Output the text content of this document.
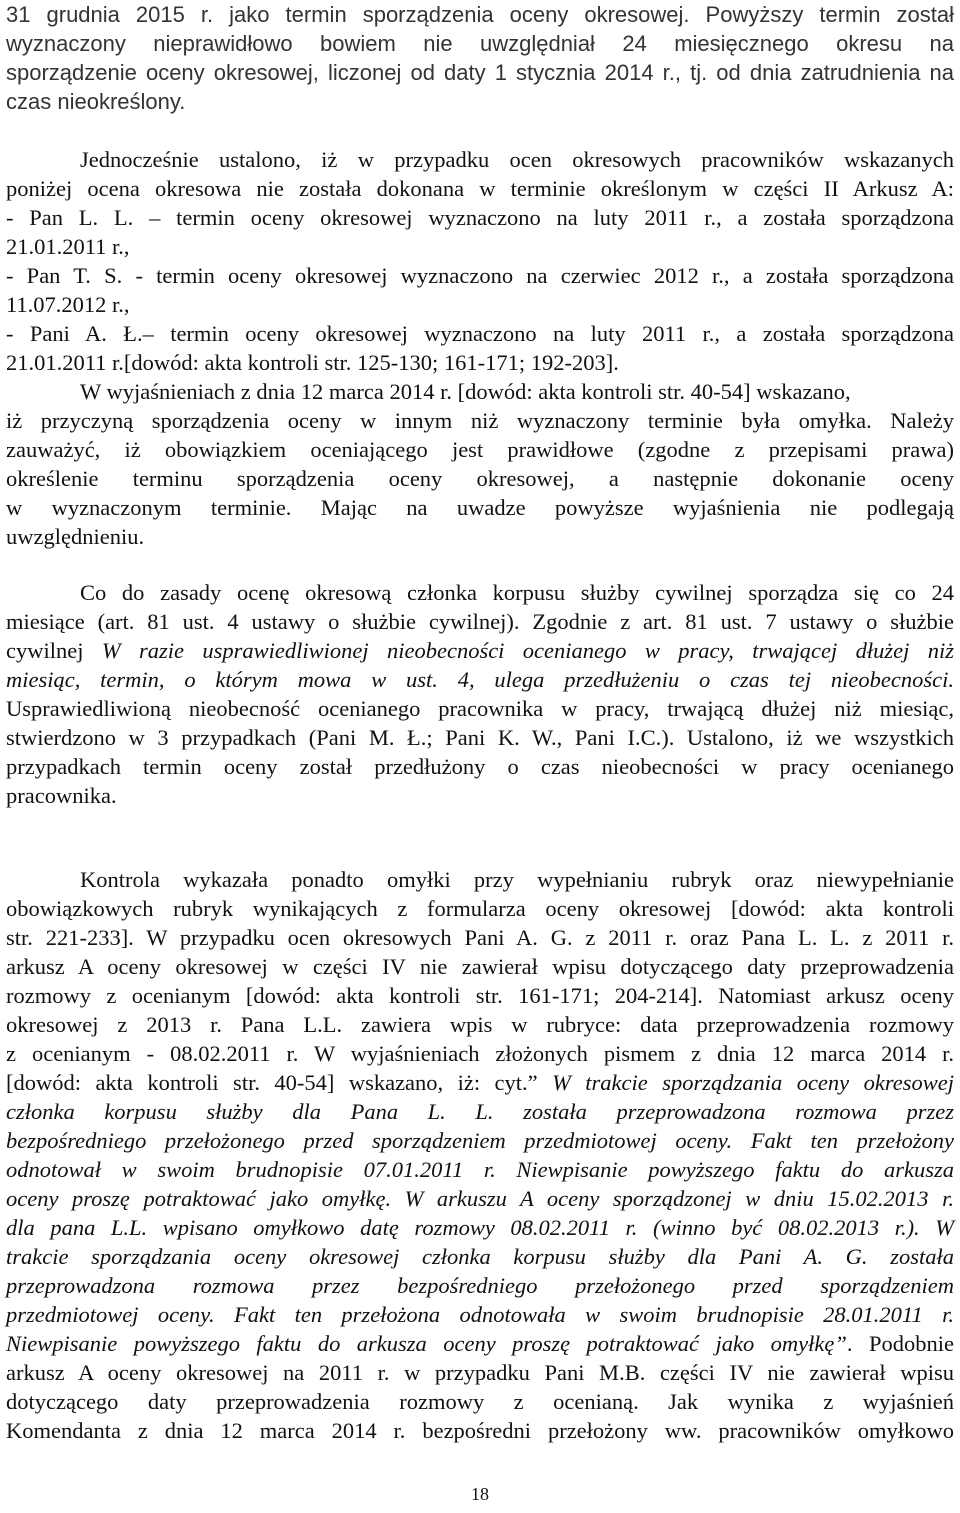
31 grudnia 2015 r. jako termin sporządzenia oceny okresowej. Powyższy termin został
wyznaczony nieprawidłowo bowiem nie uwzględniał 24 miesięcznego okresu na
sporządzenie oceny okresowej, liczonej od daty 1 stycznia 2014 r., tj. od dnia zatrudnienia na
czas nieokreślony.
Jednocześnie ustalono, iż w przypadku ocen okresowych pracowników wskazanych
poniżej ocena okresowa nie została dokonana w terminie określonym w części II Arkusz A:
- Pan L. L. – termin oceny okresowej wyznaczono na luty 2011 r., a została sporządzona
21.01.2011 r.,
- Pan T. S. - termin oceny okresowej wyznaczono na czerwiec 2012 r., a została sporządzona
11.07.2012 r.,
- Pani A. Ł.– termin oceny okresowej wyznaczono na luty 2011 r., a została sporządzona
21.01.2011 r.[dowód: akta kontroli str. 125-130; 161-171; 192-203].
W wyjaśnieniach z dnia 12 marca 2014 r. [dowód: akta kontroli str. 40-54] wskazano,
iż przyczyną sporządzenia oceny w innym niż wyznaczony terminie była omyłka. Należy
zauważyć, iż obowiązkiem oceniającego jest prawidłowe (zgodne z przepisami prawa)
określenie terminu sporządzenia oceny okresowej, a następnie dokonanie oceny
w wyznaczonym terminie. Mając na uwadze powyższe wyjaśnienia nie podlegają
uwzględnieniu.
Co do zasady ocenę okresową członka korpusu służby cywilnej sporządza się co 24
miesiące (art. 81 ust. 4 ustawy o służbie cywilnej). Zgodnie z art. 81 ust. 7 ustawy o służbie
cywilnej W razie usprawiedliwionej nieobecności ocenianego w pracy, trwającej dłużej niż
miesiąc, termin, o którym mowa w ust. 4, ulega przedłużeniu o czas tej nieobecności.
Usprawiedliwioną nieobecność ocenianego pracownika w pracy, trwającą dłużej niż miesiąc,
stwierdzono w 3 przypadkach (Pani M. Ł.; Pani K. W., Pani I.C.). Ustalono, iż we wszystkich
przypadkach termin oceny został przedłużony o czas nieobecności w pracy ocenianego
pracownika.
Kontrola wykazała ponadto omyłki przy wypełnianiu rubryk oraz niewypełnianie
obowiązkowych rubryk wynikających z formularza oceny okresowej [dowód: akta kontroli
str. 221-233]. W przypadku ocen okresowych Pani A. G. z 2011 r. oraz Pana L. L. z 2011 r.
arkusz A oceny okresowej w części IV nie zawierał wpisu dotyczącego daty przeprowadzenia
rozmowy z ocenianym [dowód: akta kontroli str. 161-171; 204-214]. Natomiast arkusz oceny
okresowej z 2013 r. Pana L.L. zawiera wpis w rubryce: data przeprowadzenia rozmowy
z ocenianym - 08.02.2011 r. W wyjaśnieniach złożonych pismem z dnia 12 marca 2014 r.
[dowód: akta kontroli str. 40-54] wskazano, iż: cyt.” W trakcie sporządzania oceny okresowej
członka korpusu służby dla Pana L. L. została przeprowadzona rozmowa przez
bezpośredniego przełożonego przed sporządzeniem przedmiotowej oceny. Fakt ten przełożony
odnotował w swoim brudnopisie 07.01.2011 r. Niewpisanie powyższego faktu do arkusza
oceny proszę potraktować jako omyłkę. W arkuszu A oceny sporządzonej w dniu 15.02.2013 r.
dla pana L.L. wpisano omyłkowo datę rozmowy 08.02.2011 r. (winno być 08.02.2013 r.). W
trakcie sporządzania oceny okresowej członka korpusu służby dla Pani A. G. została
przeprowadzona rozmowa przez bezpośredniego przełożonego przed sporządzeniem
przedmiotowej oceny. Fakt ten przełożona odnotowała w swoim brudnopisie 28.01.2011 r.
Niewpisanie powyższego faktu do arkusza oceny proszę potraktować jako omyłkę”. Podobnie
arkusz A oceny okresowej na 2011 r. w przypadku Pani M.B. części IV nie zawierał wpisu
dotyczącego daty przeprowadzenia rozmowy z ocenianą. Jak wynika z wyjaśnień
Komendanta z dnia 12 marca 2014 r. bezpośredni przełożony ww. pracowników omyłkowo
18
